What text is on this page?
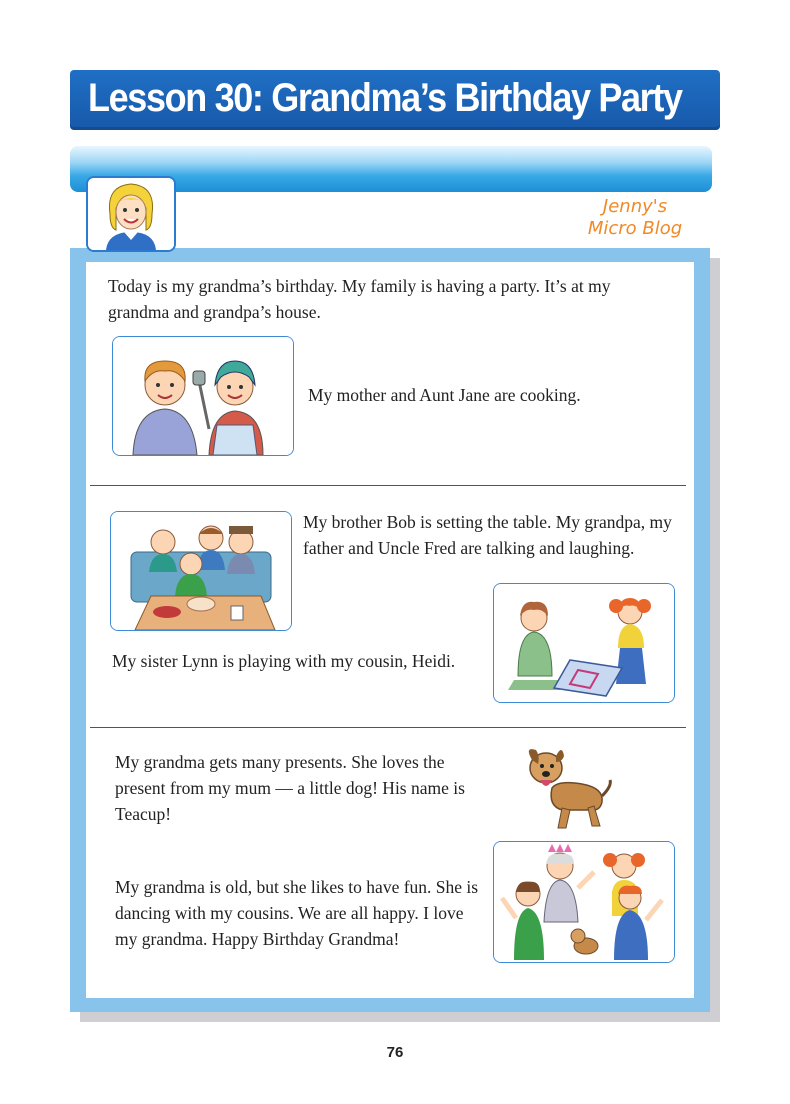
Lesson 30: Grandma’s Birthday Party
Jenny's
Micro Blog

Today is my grandma’s birthday. My family is having a party. It’s at my grandma and grandpa’s house.

My mother and Aunt Jane are cooking.

My brother Bob is setting the table. My grandpa, my father and Uncle Fred are talking and laughing.

My sister Lynn is playing with my cousin, Heidi.

My grandma gets many presents. She loves the present from my mum — a little dog! His name is Teacup!

My grandma is old, but she likes to have fun. She is dancing with my cousins. We are all happy. I love my grandma. Happy Birthday Grandma!

76
